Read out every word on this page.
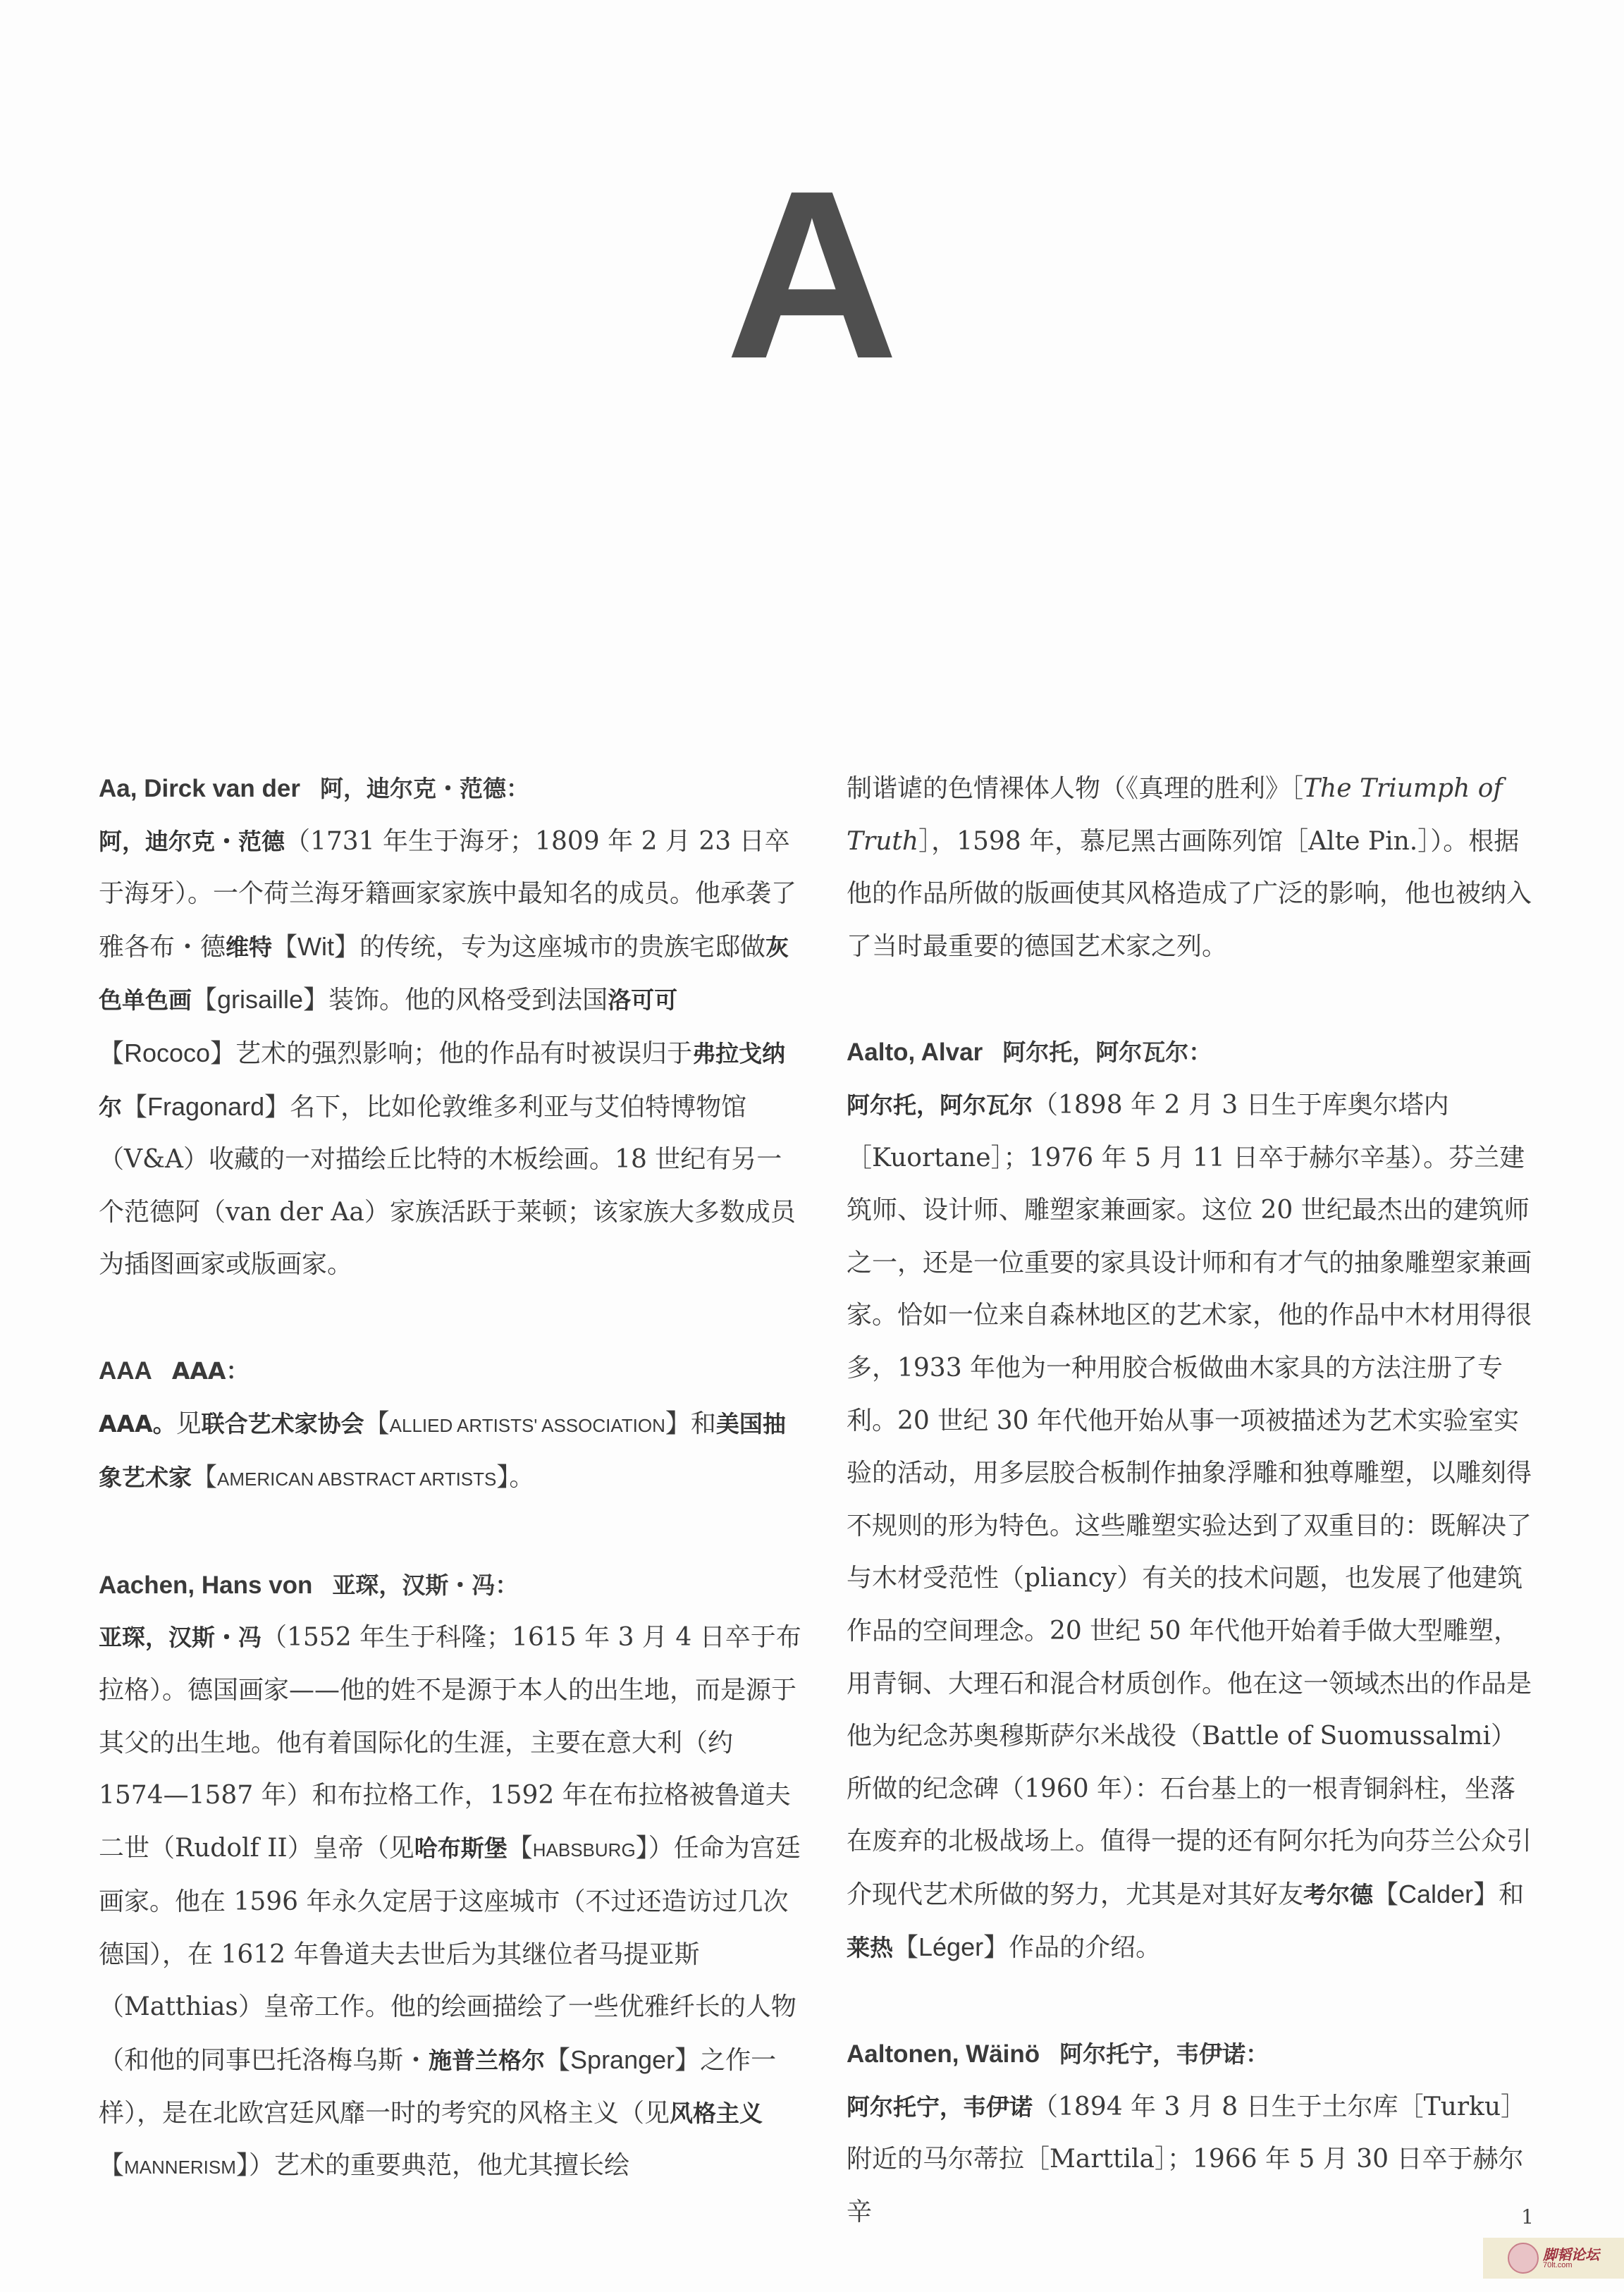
A
Aa, Dirck van der 阿，迪尔克・范德：

阿，迪尔克・范德（1731 年生于海牙；1809 年 2 月 23 日卒于海牙）。一个荷兰海牙籍画家家族中最知名的成员。他承袭了雅各布・德维特【Wit】的传统，专为这座城市的贵族宅邸做灰色单色画【grisaille】装饰。他的风格受到法国洛可可【Rococo】艺术的强烈影响；他的作品有时被误归于弗拉戈纳尔【Fragonard】名下，比如伦敦维多利亚与艾伯特博物馆（V&A）收藏的一对描绘丘比特的木板绘画。18 世纪有另一个范德阿（van der Aa）家族活跃于莱顿；该家族大多数成员为插图画家或版画家。

AAA AAA：

AAA。见联合艺术家协会【ALLIED ARTISTS' ASSOCIATION】和美国抽象艺术家【AMERICAN ABSTRACT ARTISTS】。

Aachen, Hans von 亚琛，汉斯・冯：

亚琛，汉斯・冯（1552 年生于科隆；1615 年 3 月 4 日卒于布拉格）。德国画家——他的姓不是源于本人的出生地，而是源于其父的出生地。他有着国际化的生涯，主要在意大利（约 1574—1587 年）和布拉格工作，1592 年在布拉格被鲁道夫二世（Rudolf II）皇帝（见哈布斯堡【HABSBURG】）任命为宫廷画家。他在 1596 年永久定居于这座城市（不过还造访过几次德国），在 1612 年鲁道夫去世后为其继位者马提亚斯（Matthias）皇帝工作。他的绘画描绘了一些优雅纤长的人物（和他的同事巴托洛梅乌斯・施普兰格尔【Spranger】之作一样），是在北欧宫廷风靡一时的考究的风格主义（见风格主义【MANNERISM】）艺术的重要典范，他尤其擅长绘

制谐谑的色情裸体人物（《真理的胜利》［The Triumph of Truth］，1598 年，慕尼黑古画陈列馆［Alte Pin.］）。根据他的作品所做的版画使其风格造成了广泛的影响，他也被纳入了当时最重要的德国艺术家之列。

Aalto, Alvar 阿尔托，阿尔瓦尔：

阿尔托，阿尔瓦尔（1898 年 2 月 3 日生于库奥尔塔内［Kuortane］；1976 年 5 月 11 日卒于赫尔辛基）。芬兰建筑师、设计师、雕塑家兼画家。这位 20 世纪最杰出的建筑师之一，还是一位重要的家具设计师和有才气的抽象雕塑家兼画家。恰如一位来自森林地区的艺术家，他的作品中木材用得很多，1933 年他为一种用胶合板做曲木家具的方法注册了专利。20 世纪 30 年代他开始从事一项被描述为艺术实验室实验的活动，用多层胶合板制作抽象浮雕和独尊雕塑，以雕刻得不规则的形为特色。这些雕塑实验达到了双重目的：既解决了与木材受范性（pliancy）有关的技术问题，也发展了他建筑作品的空间理念。20 世纪 50 年代他开始着手做大型雕塑，用青铜、大理石和混合材质创作。他在这一领域杰出的作品是他为纪念苏奥穆斯萨尔米战役（Battle of Suomussalmi）所做的纪念碑（1960 年）：石台基上的一根青铜斜柱，坐落在废弃的北极战场上。值得一提的还有阿尔托为向芬兰公众引介现代艺术所做的努力，尤其是对其好友考尔德【Calder】和莱热【Léger】作品的介绍。

Aaltonen, Wäinö 阿尔托宁，韦伊诺：

阿尔托宁，韦伊诺（1894 年 3 月 8 日生于土尔库［Turku］附近的马尔蒂拉［Marttila］；1966 年 5 月 30 日卒于赫尔辛	1
脚韬论坛
70lt.com
